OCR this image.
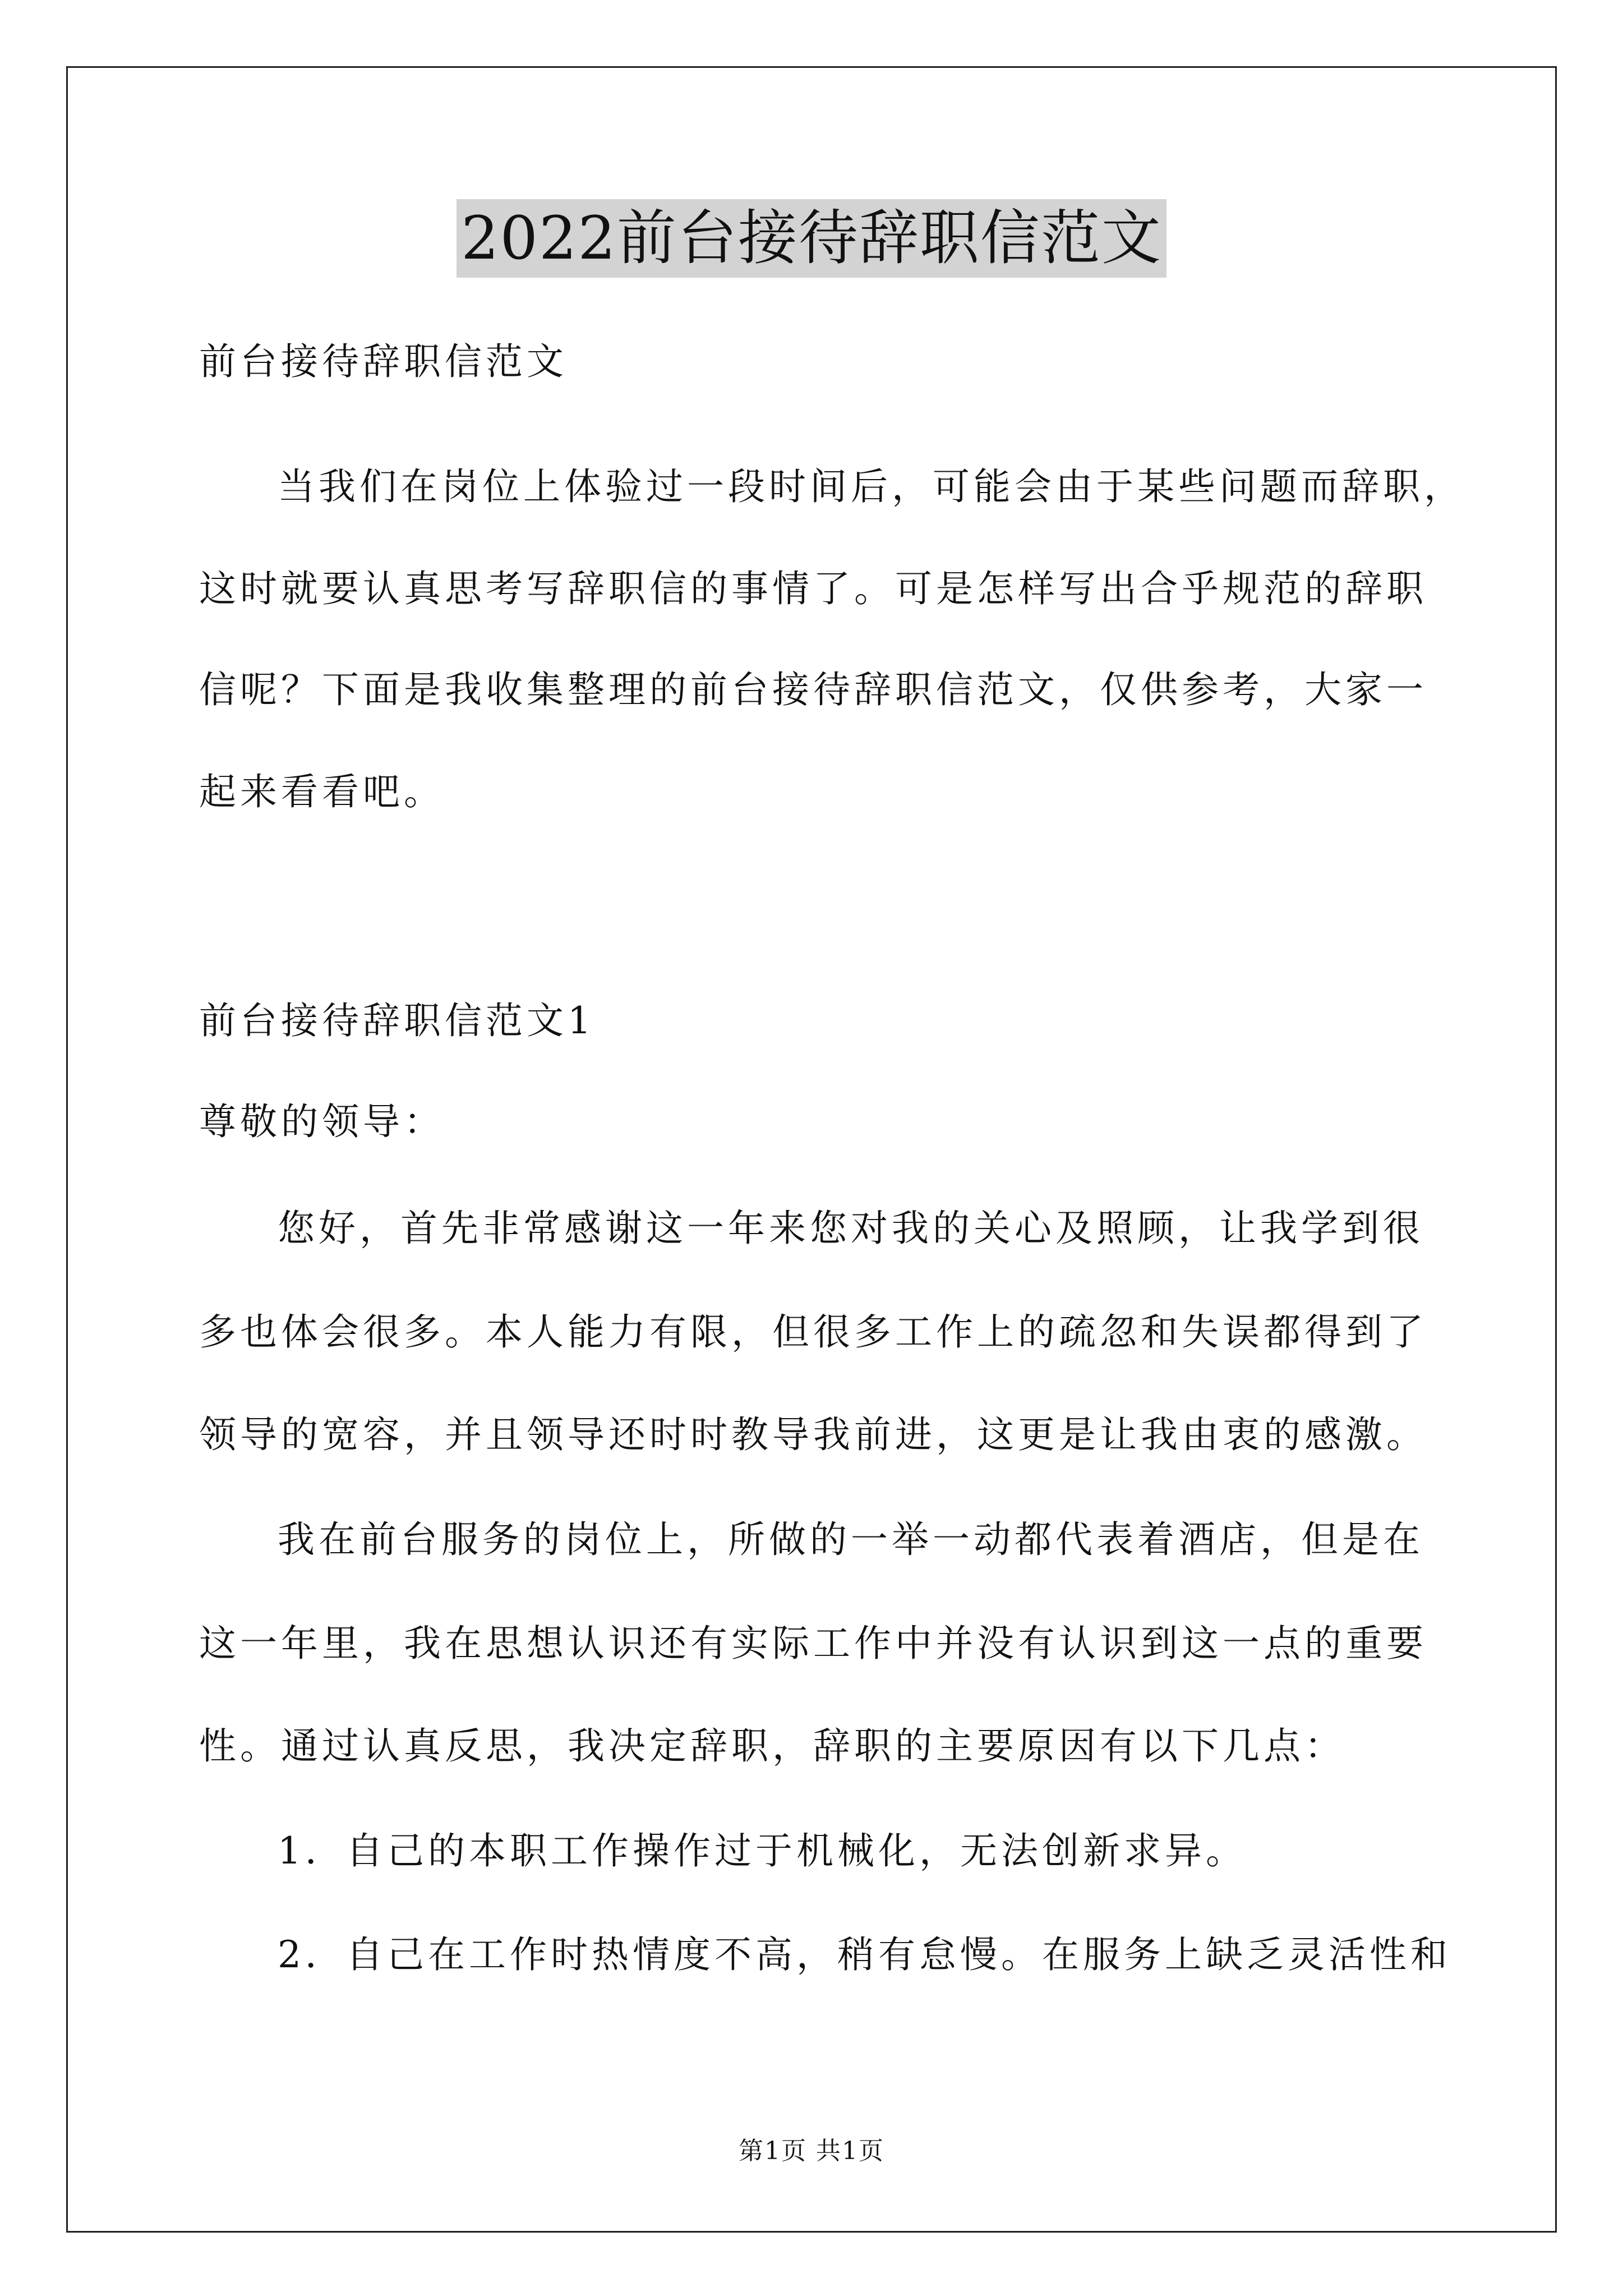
2022前台接待辞职信范文
前台接待辞职信范文
当我们在岗位上体验过一段时间后，可能会由于某些问题而辞职，
这时就要认真思考写辞职信的事情了。可是怎样写出合乎规范的辞职
信呢？下面是我收集整理的前台接待辞职信范文，仅供参考，大家一
起来看看吧。
前台接待辞职信范文1
尊敬的领导：
您好，首先非常感谢这一年来您对我的关心及照顾，让我学到很
多也体会很多。本人能力有限，但很多工作上的疏忽和失误都得到了
领导的宽容，并且领导还时时教导我前进，这更是让我由衷的感激。
我在前台服务的岗位上，所做的一举一动都代表着酒店，但是在
这一年里，我在思想认识还有实际工作中并没有认识到这一点的重要
性。通过认真反思，我决定辞职，辞职的主要原因有以下几点：
1．自己的本职工作操作过于机械化，无法创新求异。
2．自己在工作时热情度不高，稍有怠慢。在服务上缺乏灵活性和
第1页 共1页
